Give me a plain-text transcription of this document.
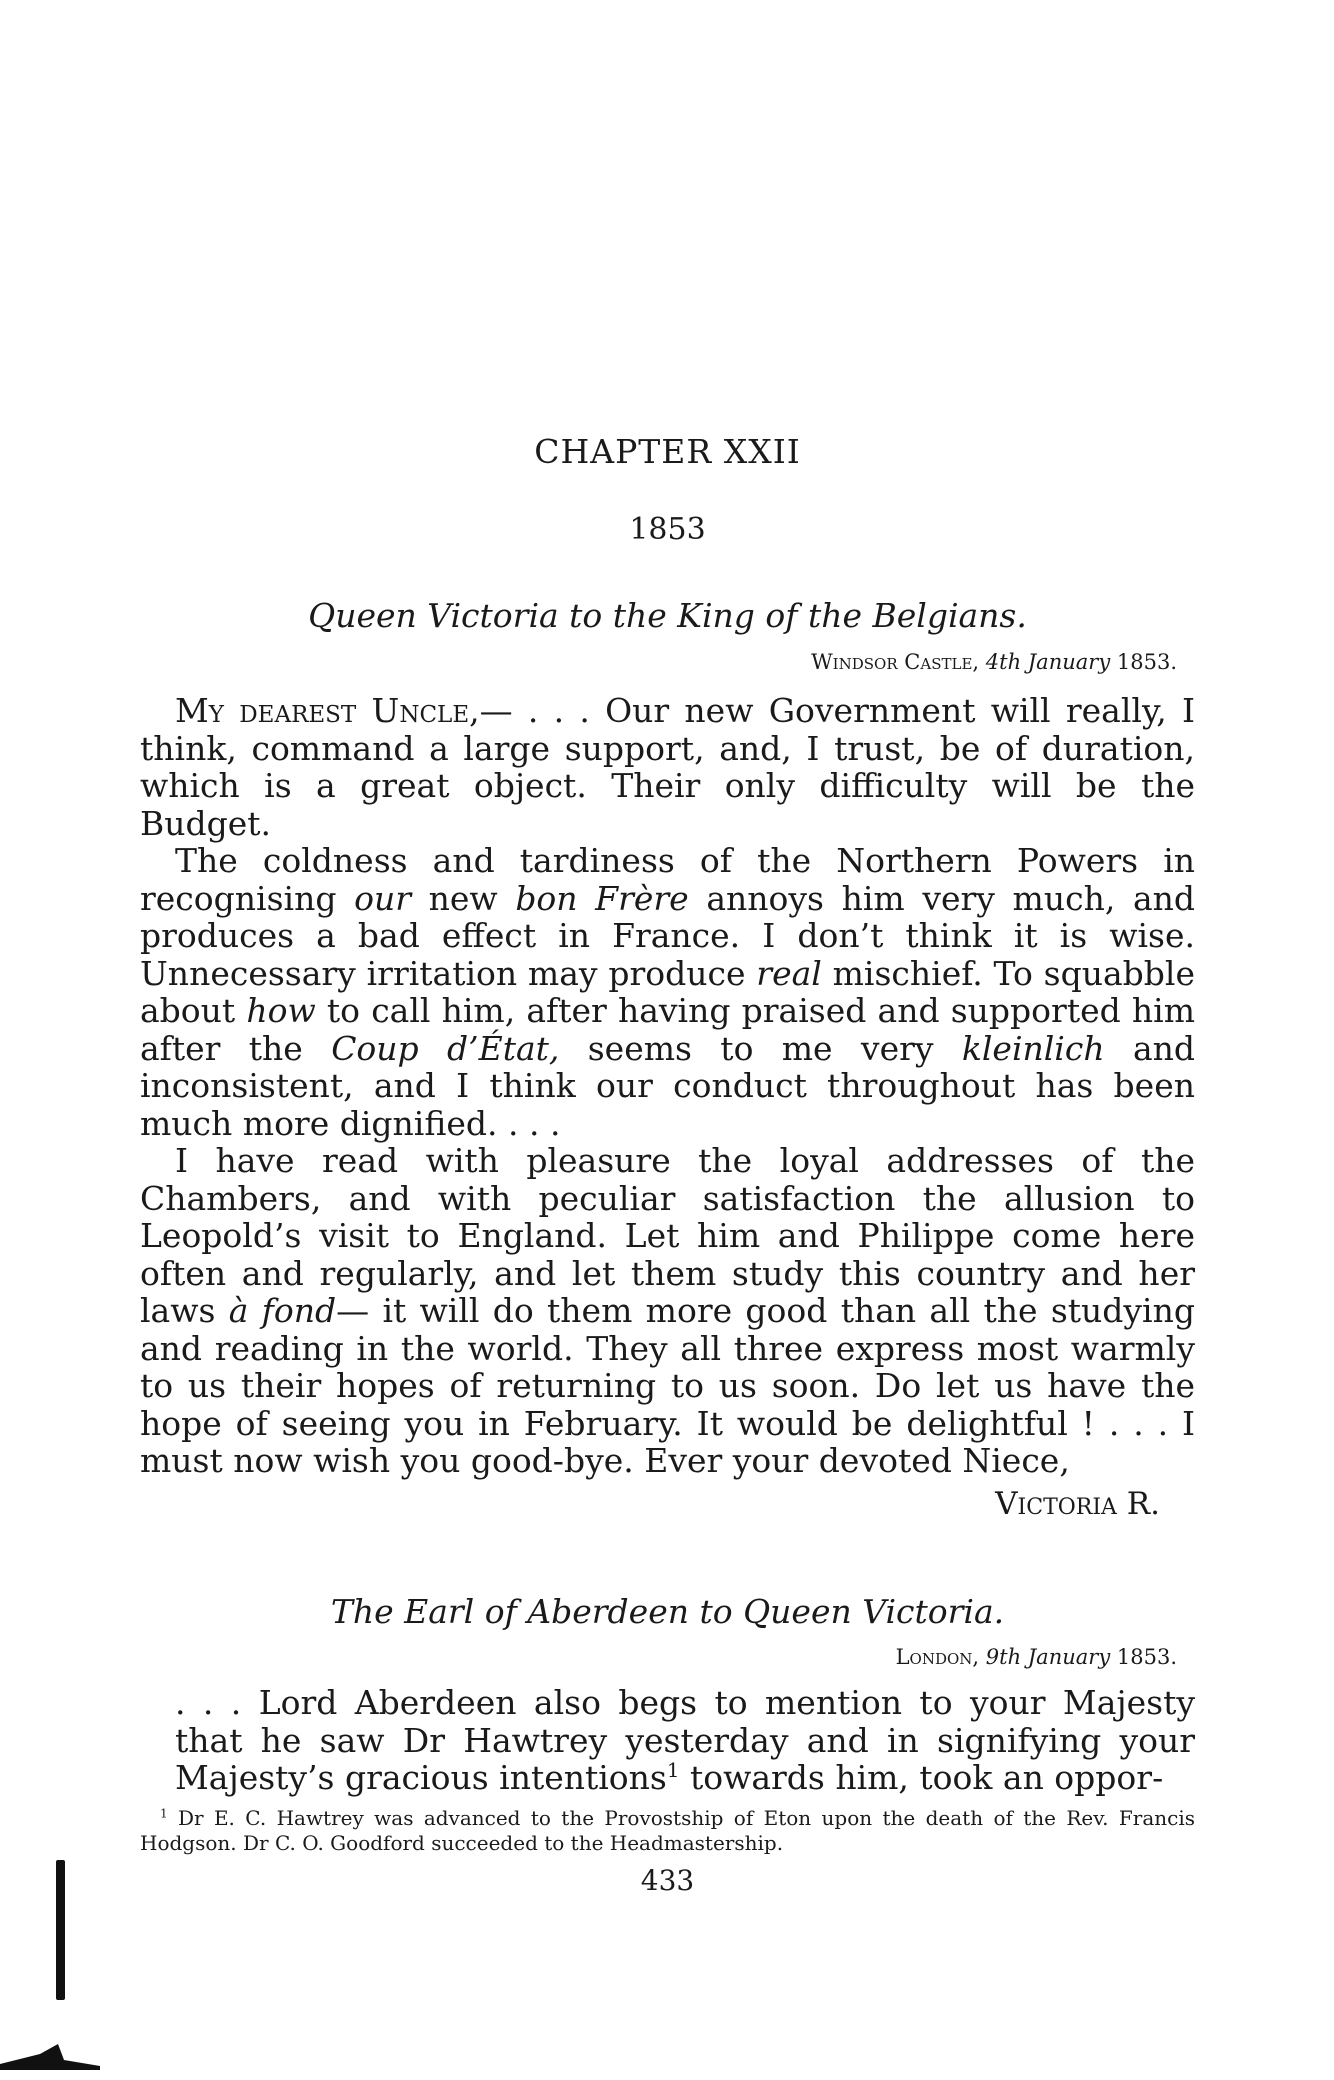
CHAPTER XXII
1853
Queen Victoria to the King of the Belgians.
Windsor Castle, 4th January 1853.

My dearest Uncle,— . . . Our new Government will really, I think, command a large support, and, I trust, be of duration, which is a great object. Their only difficulty will be the Budget.

The coldness and tardiness of the Northern Powers in recognising our new bon Frère annoys him very much, and produces a bad effect in France. I don’t think it is wise. Unnecessary irritation may produce real mischief. To squabble about how to call him, after having praised and supported him after the Coup d’État, seems to me very kleinlich and inconsistent, and I think our conduct throughout has been much more dignified. . . .

I have read with pleasure the loyal addresses of the Chambers, and with peculiar satisfaction the allusion to Leopold’s visit to England. Let him and Philippe come here often and regularly, and let them study this country and her laws à fond— it will do them more good than all the studying and reading in the world. They all three express most warmly to us their hopes of returning to us soon. Do let us have the hope of seeing you in February. It would be delightful ! . . . I must now wish you good-bye. Ever your devoted Niece,

Victoria R.
The Earl of Aberdeen to Queen Victoria.
London, 9th January 1853.

. . . Lord Aberdeen also begs to mention to your Majesty that he saw Dr Hawtrey yesterday and in signifying your Majesty’s gracious intentions$^1$ towards him, took an oppor-

$^1$ Dr E. C. Hawtrey was advanced to the Provostship of Eton upon the death of the Rev. Francis Hodgson. Dr C. O. Goodford succeeded to the Headmastership.
433
